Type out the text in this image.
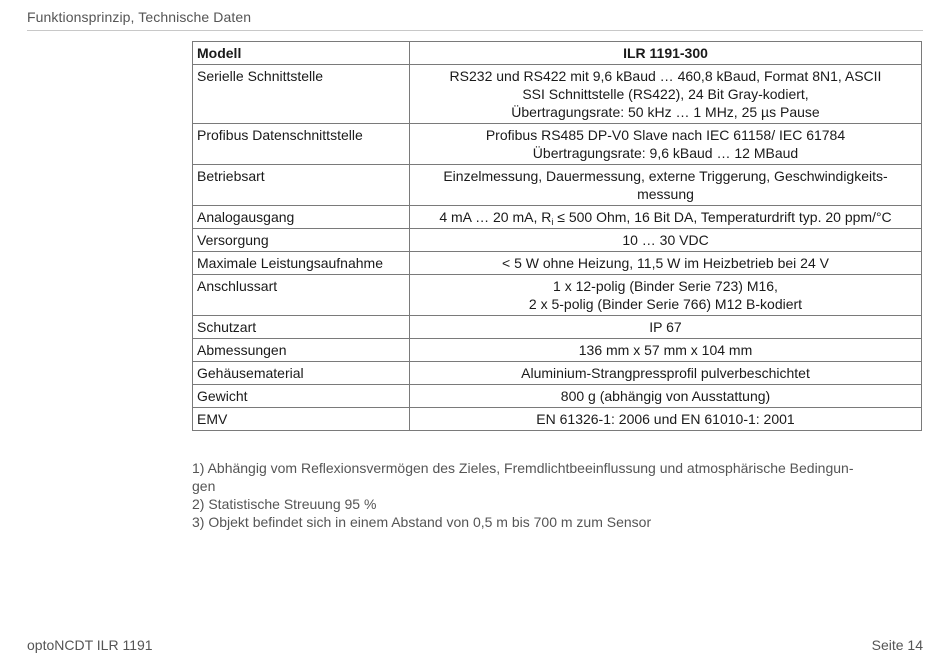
Funktionsprinzip, Technische Daten
Modell	ILR 1191-300
Serielle Schnittstelle	RS232 und RS422 mit 9,6 kBaud … 460,8 kBaud, Format 8N1, ASCII
SSI Schnittstelle (RS422), 24 Bit Gray-kodiert,
Übertragungsrate: 50 kHz … 1 MHz, 25 µs Pause

Profibus Datenschnittstelle	Profibus RS485 DP-V0 Slave nach IEC 61158/ IEC 61784
Übertragungsrate: 9,6 kBaud … 12 MBaud

Betriebsart	Einzelmessung, Dauermessung, externe Triggerung, Geschwindigkeits-
messung

Analogausgang	4 mA … 20 mA, $R_i \le 500$ Ohm, 16 Bit DA, Temperaturdrift typ. 20 ppm/°C
Versorgung	10 … 30 VDC

Maximale Leistungsaufnahme	< 5 W ohne Heizung, 11,5 W im Heizbetrieb bei 24 V

Anschlussart	1 x 12-polig (Binder Serie 723) M16,
2 x 5-polig (Binder Serie 766) M12 B-kodiert

Schutzart	IP 67

Abmessungen	136 mm x 57 mm x 104 mm

Gehäusematerial	Aluminium-Strangpressprofil pulverbeschichtet

Gewicht	800 g (abhängig von Ausstattung)

EMV	EN 61326-1: 2006 und EN 61010-1: 2001
1) Abhängig vom Reflexionsvermögen des Zieles, Fremdlichtbeeinflussung und atmosphärische Bedingun-
gen
2) Statistische Streuung 95 %
3) Objekt befindet sich in einem Abstand von 0,5 m bis 700 m zum Sensor
optoNCDT ILR 1191	Seite 14
